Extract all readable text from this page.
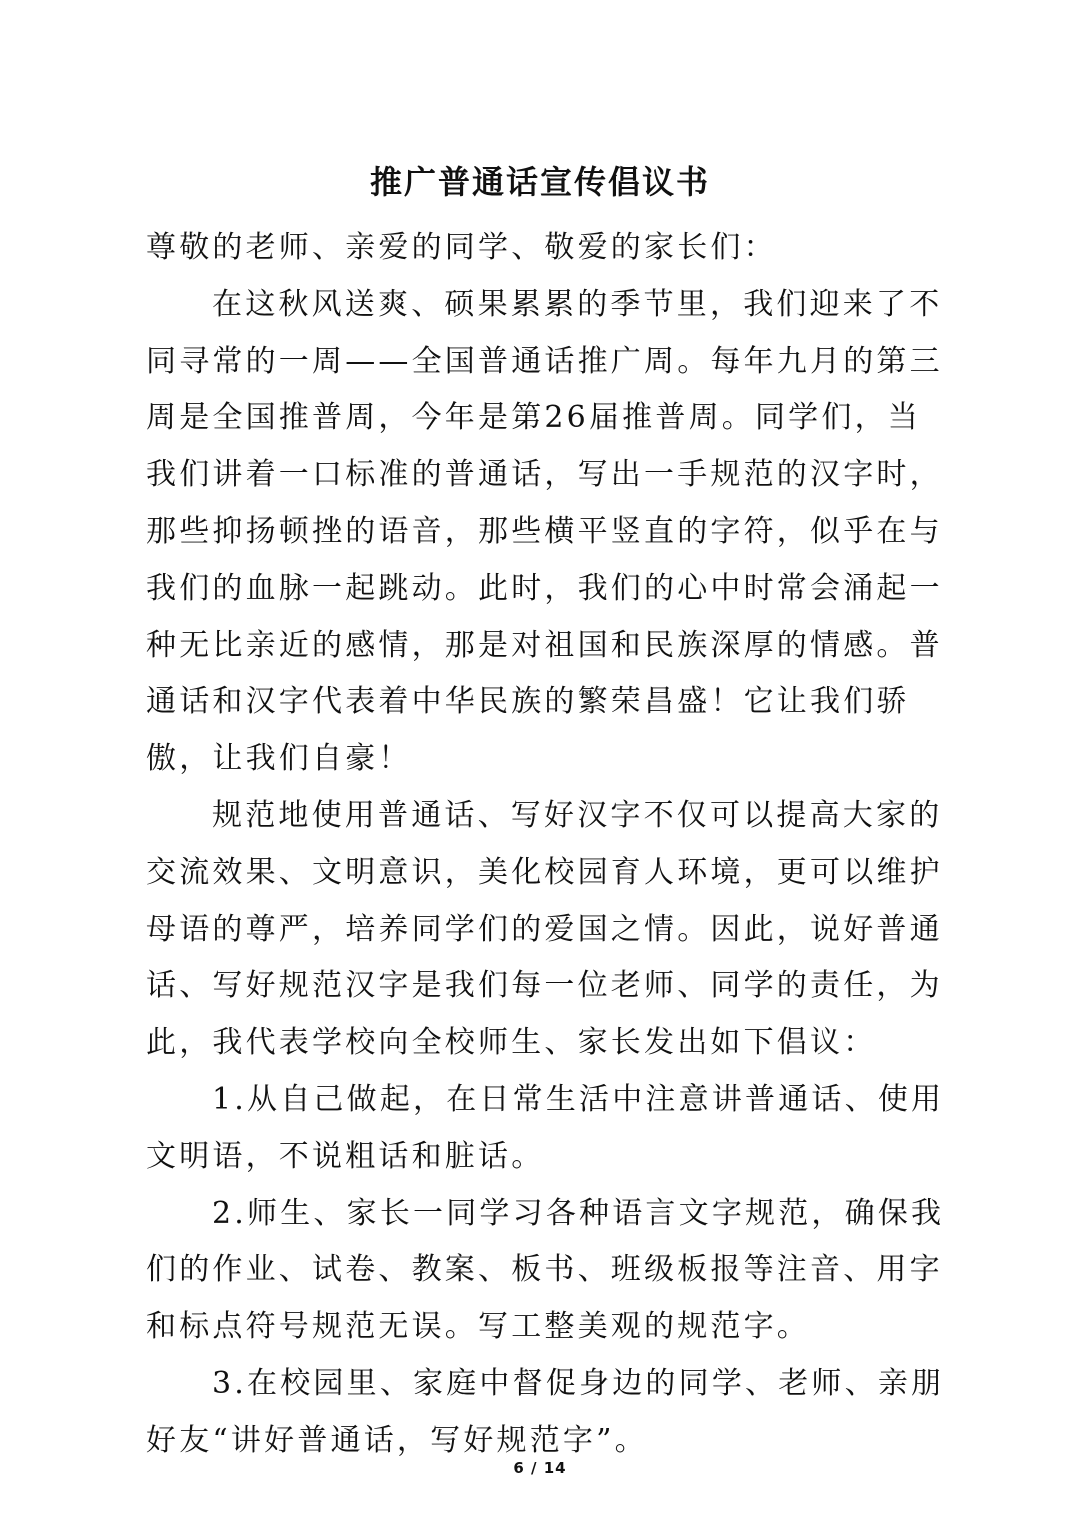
推广普通话宣传倡议书

尊敬的老师、亲爱的同学、敬爱的家长们：

在这秋风送爽、硕果累累的季节里，我们迎来了不同寻常的一周——全国普通话推广周。每年九月的第三周是全国推普周，今年是第26届推普周。同学们，当我们讲着一口标准的普通话，写出一手规范的汉字时，那些抑扬顿挫的语音，那些横平竖直的字符，似乎在与我们的血脉一起跳动。此时，我们的心中时常会涌起一种无比亲近的感情，那是对祖国和民族深厚的情感。普通话和汉字代表着中华民族的繁荣昌盛！它让我们骄傲，让我们自豪！

规范地使用普通话、写好汉字不仅可以提高大家的交流效果、文明意识，美化校园育人环境，更可以维护母语的尊严，培养同学们的爱国之情。因此，说好普通话、写好规范汉字是我们每一位老师、同学的责任，为此，我代表学校向全校师生、家长发出如下倡议：

1.从自己做起，在日常生活中注意讲普通话、使用文明语，不说粗话和脏话。

2.师生、家长一同学习各种语言文字规范，确保我们的作业、试卷、教案、板书、班级板报等注音、用字和标点符号规范无误。写工整美观的规范字。

3.在校园里、家庭中督促身边的同学、老师、亲朋好友“讲好普通话，写好规范字”。

6 / 14
